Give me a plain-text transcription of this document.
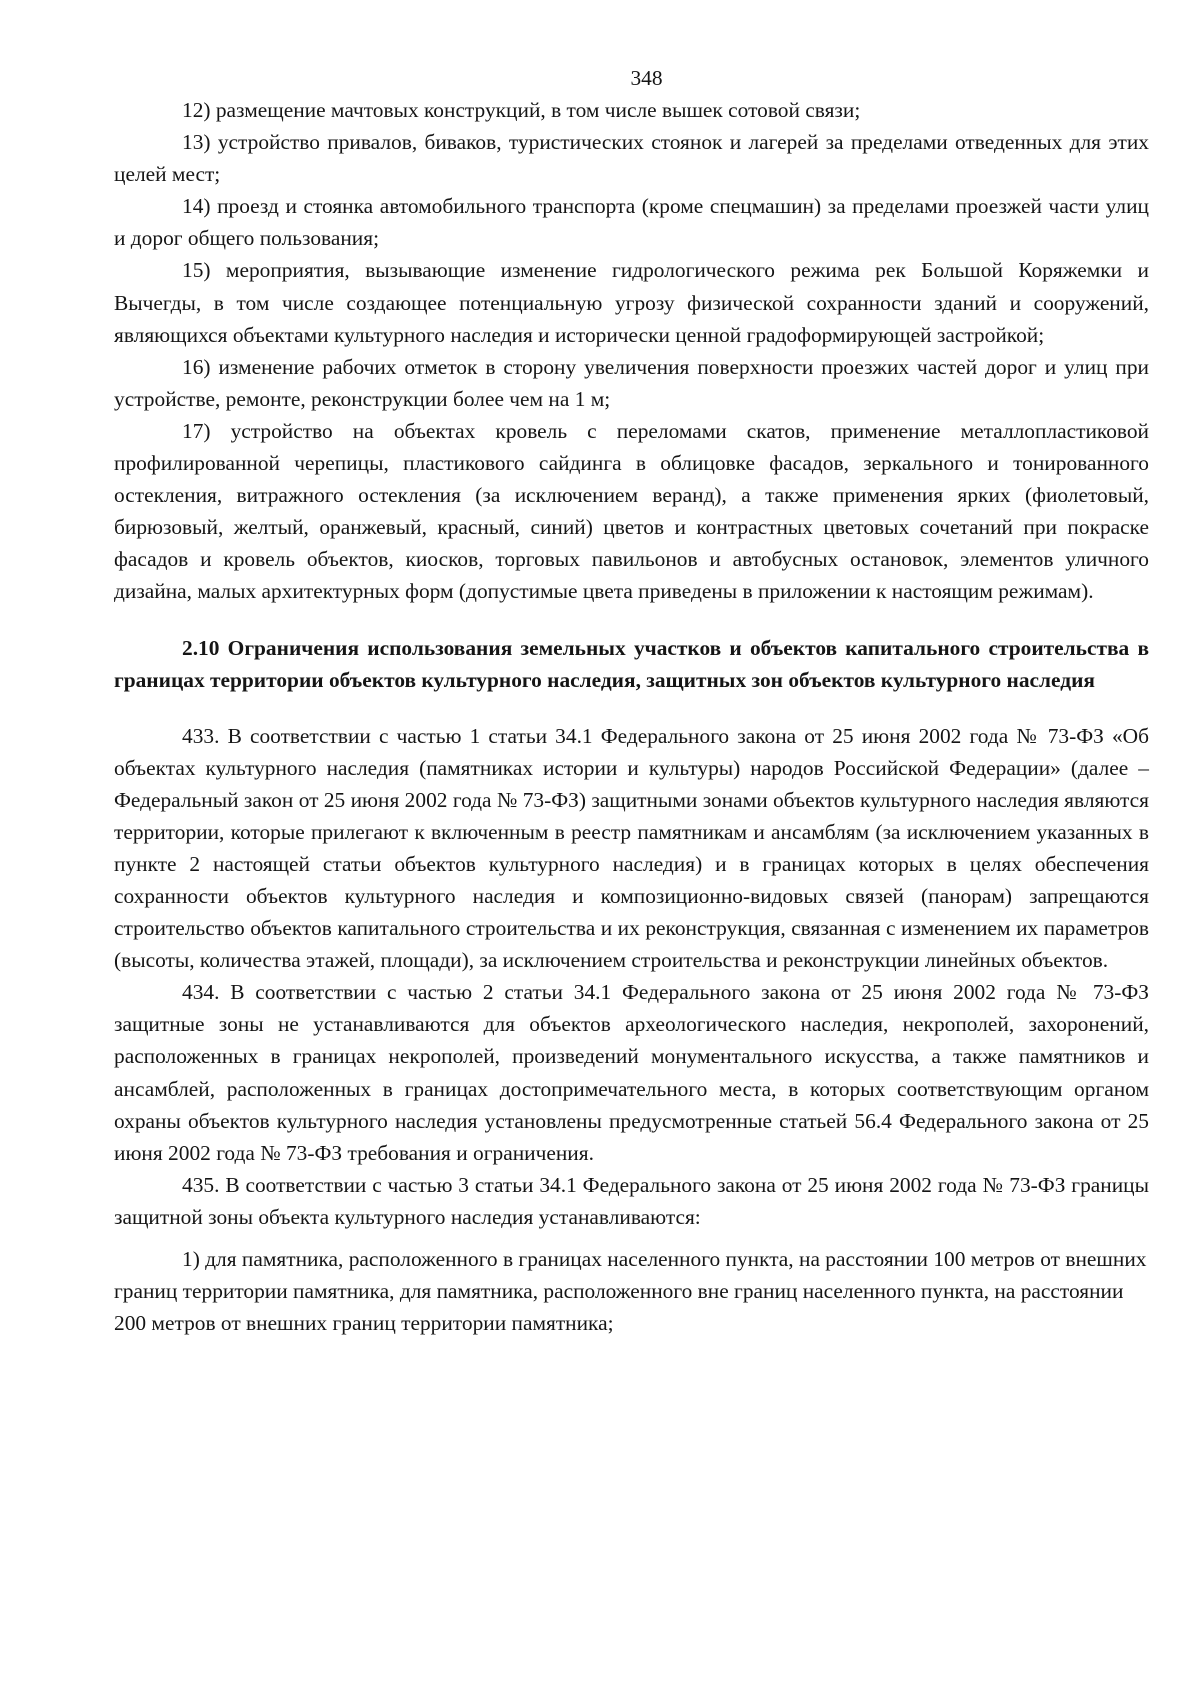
348

12) размещение мачтовых конструкций, в том числе вышек сотовой связи;

13) устройство привалов, биваков, туристических стоянок и лагерей за пределами отведенных для этих целей мест;

14) проезд и стоянка автомобильного транспорта (кроме спецмашин) за пределами проезжей части улиц и дорог общего пользования;

15) мероприятия, вызывающие изменение гидрологического режима рек Большой Коряжемки и Вычегды, в том числе создающее потенциальную угрозу физической сохранности зданий и сооружений, являющихся объектами культурного наследия и исторически ценной градоформирующей застройкой;

16) изменение рабочих отметок в сторону увеличения поверхности проезжих частей дорог и улиц при устройстве, ремонте, реконструкции более чем на 1 м;

17) устройство на объектах кровель с переломами скатов, применение металлопластиковой профилированной черепицы, пластикового сайдинга в облицовке фасадов, зеркального и тонированного остекления, витражного остекления (за исключением веранд), а также применения ярких (фиолетовый, бирюзовый, желтый, оранжевый, красный, синий) цветов и контрастных цветовых сочетаний при покраске фасадов и кровель объектов, киосков, торговых павильонов и автобусных остановок, элементов уличного дизайна, малых архитектурных форм (допустимые цвета приведены в приложении к настоящим режимам).

2.10 Ограничения использования земельных участков и объектов капитального строительства в границах территории объектов культурного наследия, защитных зон объектов культурного наследия

433. В соответствии с частью 1 статьи 34.1 Федерального закона от 25 июня 2002 года № 73-ФЗ «Об объектах культурного наследия (памятниках истории и культуры) народов Российской Федерации» (далее – Федеральный закон от 25 июня 2002 года № 73-ФЗ) защитными зонами объектов культурного наследия являются территории, которые прилегают к включенным в реестр памятникам и ансамблям (за исключением указанных в пункте 2 настоящей статьи объектов культурного наследия) и в границах которых в целях обеспечения сохранности объектов культурного наследия и композиционно-видовых связей (панорам) запрещаются строительство объектов капитального строительства и их реконструкция, связанная с изменением их параметров (высоты, количества этажей, площади), за исключением строительства и реконструкции линейных объектов.

434. В соответствии с частью 2 статьи 34.1 Федерального закона от 25 июня 2002 года № 73-ФЗ защитные зоны не устанавливаются для объектов археологического наследия, некрополей, захоронений, расположенных в границах некрополей, произведений монументального искусства, а также памятников и ансамблей, расположенных в границах достопримечательного места, в которых соответствующим органом охраны объектов культурного наследия установлены предусмотренные статьей 56.4 Федерального закона от 25 июня 2002 года № 73-ФЗ требования и ограничения.

435. В соответствии с частью 3 статьи 34.1 Федерального закона от 25 июня 2002 года № 73-ФЗ границы защитной зоны объекта культурного наследия устанавливаются:

1) для памятника, расположенного в границах населенного пункта, на расстоянии 100 метров от внешних границ территории памятника, для памятника, расположенного вне границ населенного пункта, на расстоянии 200 метров от внешних границ территории памятника;
